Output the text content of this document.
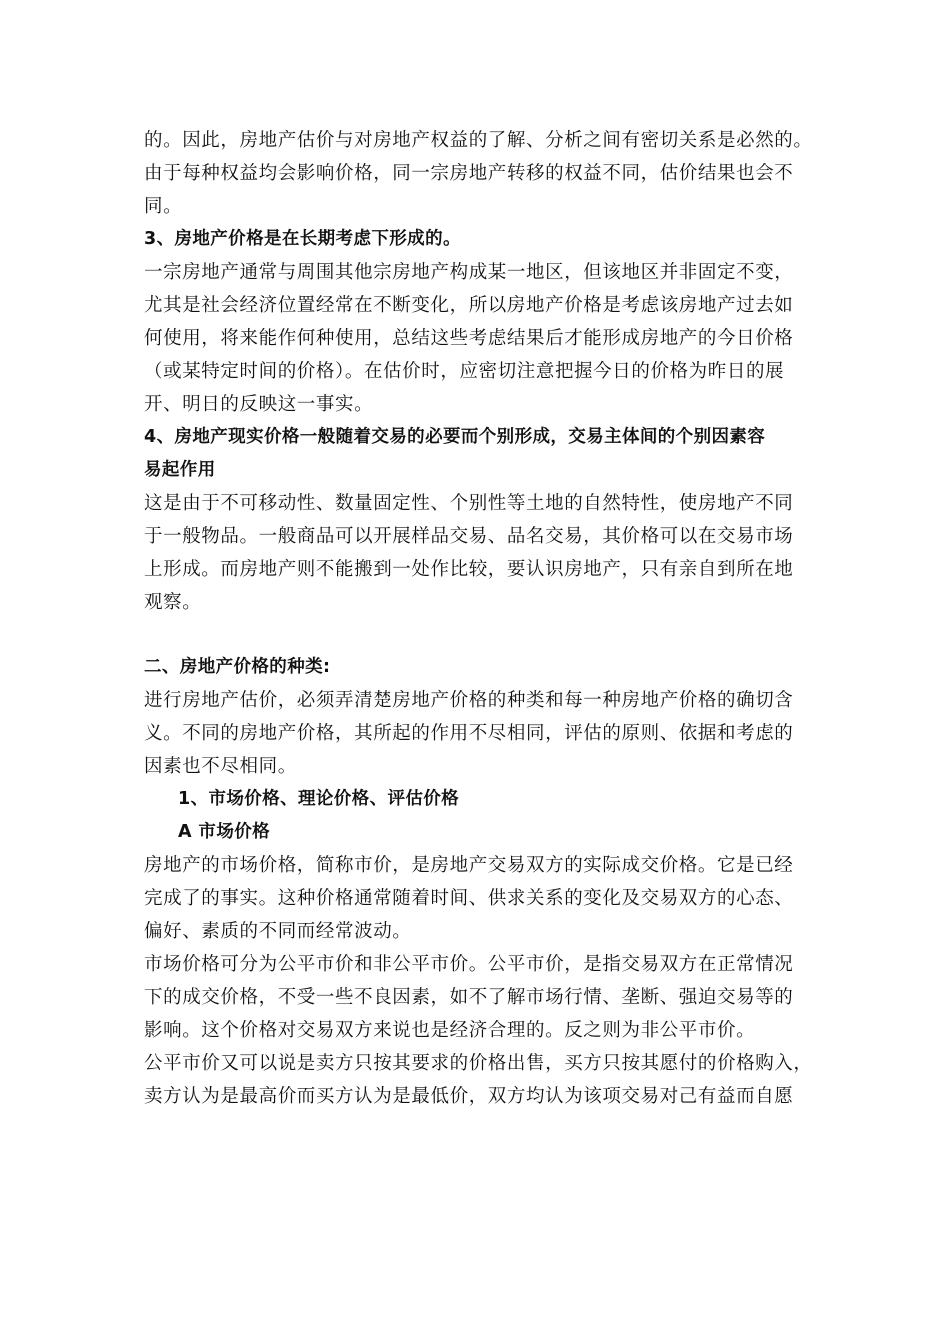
的。因此，房地产估价与对房地产权益的了解、分析之间有密切关系是必然的。
由于每种权益均会影响价格，同一宗房地产转移的权益不同，估价结果也会不
同。
3、房地产价格是在长期考虑下形成的。
一宗房地产通常与周围其他宗房地产构成某一地区，但该地区并非固定不变，
尤其是社会经济位置经常在不断变化，所以房地产价格是考虑该房地产过去如
何使用，将来能作何种使用，总结这些考虑结果后才能形成房地产的今日价格
（或某特定时间的价格）。在估价时，应密切注意把握今日的价格为昨日的展
开、明日的反映这一事实。
4、房地产现实价格一般随着交易的必要而个别形成，交易主体间的个别因素容
易起作用
这是由于不可移动性、数量固定性、个别性等土地的自然特性，使房地产不同
于一般物品。一般商品可以开展样品交易、品名交易，其价格可以在交易市场
上形成。而房地产则不能搬到一处作比较，要认识房地产，只有亲自到所在地
观察。
二、房地产价格的种类:
进行房地产估价，必须弄清楚房地产价格的种类和每一种房地产价格的确切含
义。不同的房地产价格，其所起的作用不尽相同，评估的原则、依据和考虑的
因素也不尽相同。
1、市场价格、理论价格、评估价格
A 市场价格
房地产的市场价格，简称市价，是房地产交易双方的实际成交价格。它是已经
完成了的事实。这种价格通常随着时间、供求关系的变化及交易双方的心态、
偏好、素质的不同而经常波动。
市场价格可分为公平市价和非公平市价。公平市价，是指交易双方在正常情况
下的成交价格，不受一些不良因素，如不了解市场行情、垄断、强迫交易等的
影响。这个价格对交易双方来说也是经济合理的。反之则为非公平市价。
公平市价又可以说是卖方只按其要求的价格出售，买方只按其愿付的价格购入，
卖方认为是最高价而买方认为是最低价，双方均认为该项交易对己有益而自愿
